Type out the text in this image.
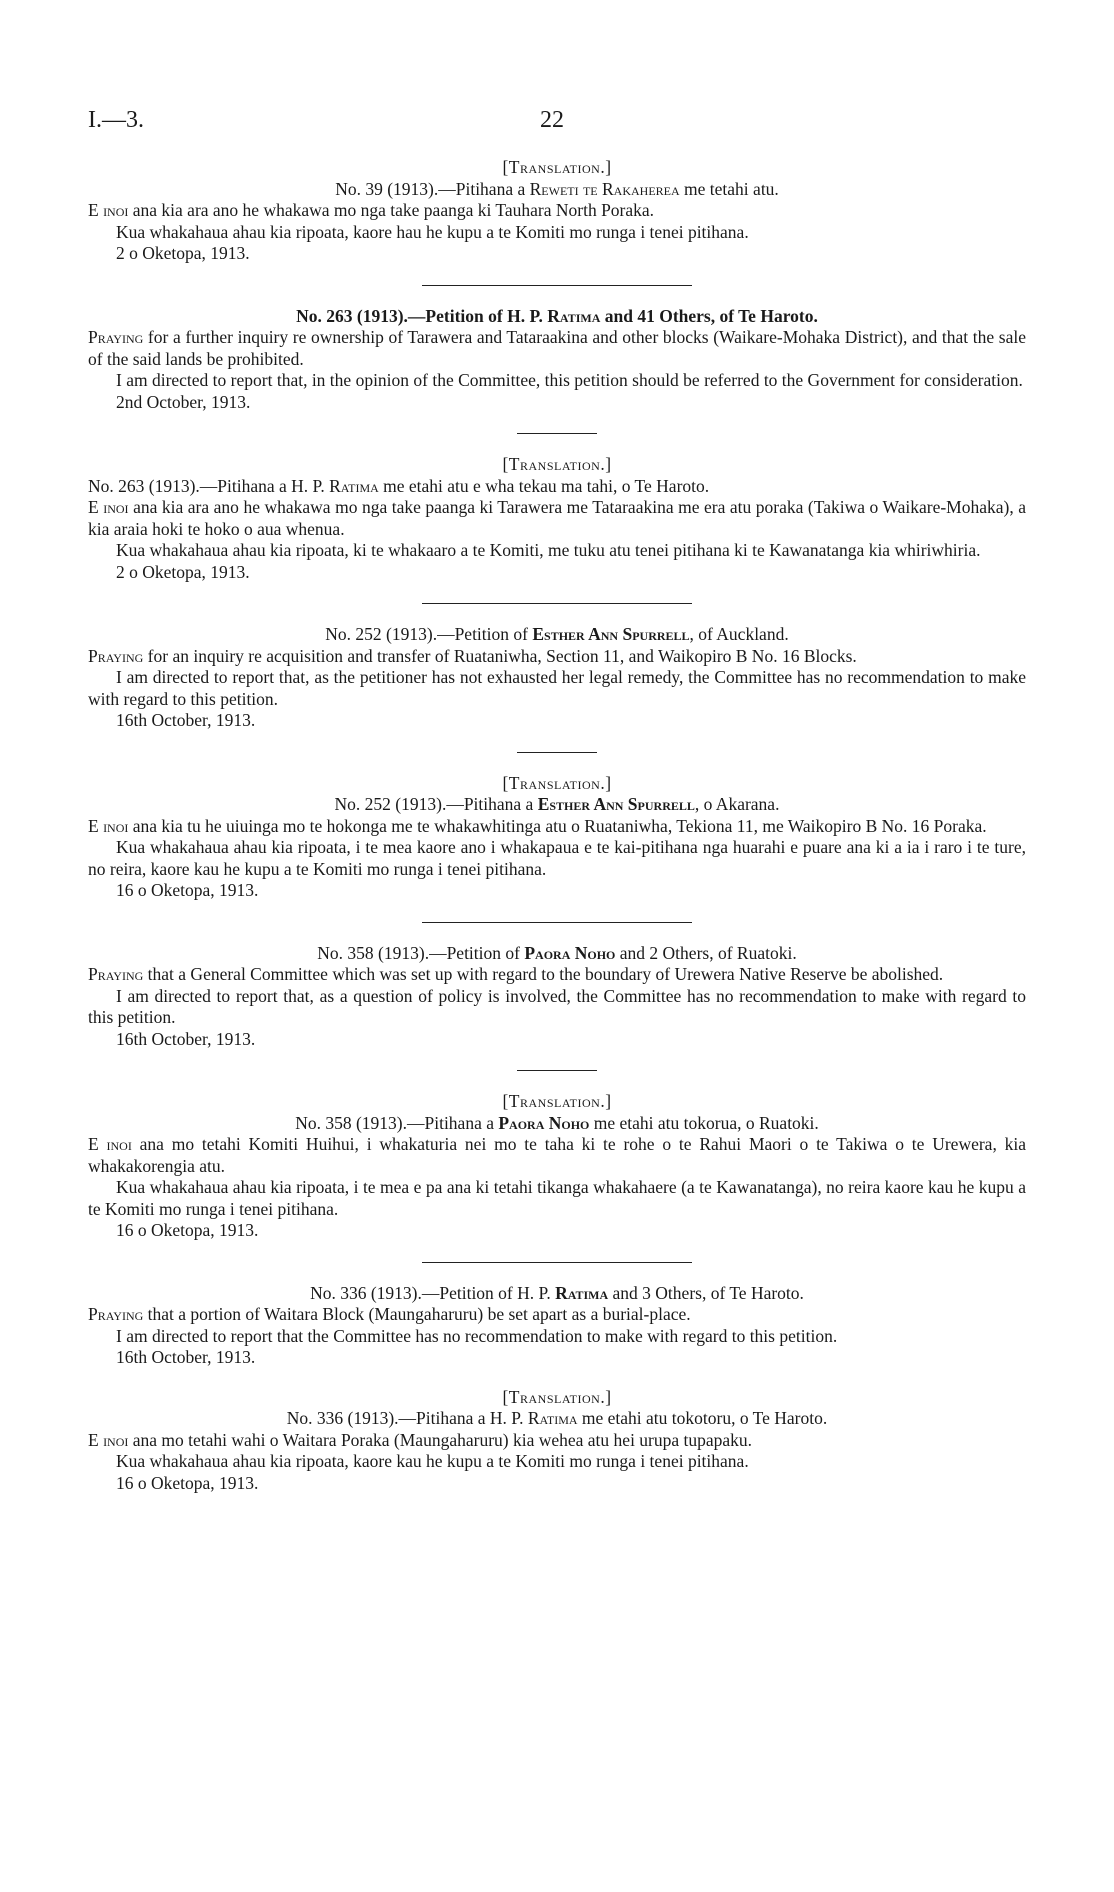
I.—3.	22
[Translation.]
No. 39 (1913).—Pitihana a Reweti te Rakaherea me tetahi atu.

E inoi ana kia ara ano he whakawa mo nga take paanga ki Tauhara North Poraka.

Kua whakahaua ahau kia ripoata, kaore hau he kupu a te Komiti mo runga i tenei pitihana.

2 o Oketopa, 1913.
No. 263 (1913).—Petition of H. P. Ratima and 41 Others, of Te Haroto.

Praying for a further inquiry re ownership of Tarawera and Tataraakina and other blocks (Waikare-Mohaka District), and that the sale of the said lands be prohibited.

I am directed to report that, in the opinion of the Committee, this petition should be referred to the Government for consideration.

2nd October, 1913.
[Translation.]
No. 263 (1913).—Pitihana a H. P. Ratima me etahi atu e wha tekau ma tahi, o Te Haroto.

E inoi ana kia ara ano he whakawa mo nga take paanga ki Tarawera me Tataraakina me era atu poraka (Takiwa o Waikare-Mohaka), a kia araia hoki te hoko o aua whenua.

Kua whakahaua ahau kia ripoata, ki te whakaaro a te Komiti, me tuku atu tenei pitihana ki te Kawanatanga kia whiriwhiria.

2 o Oketopa, 1913.
No. 252 (1913).—Petition of Esther Ann Spurrell, of Auckland.

Praying for an inquiry re acquisition and transfer of Ruataniwha, Section 11, and Waikopiro B No. 16 Blocks.

I am directed to report that, as the petitioner has not exhausted her legal remedy, the Committee has no recommendation to make with regard to this petition.

16th October, 1913.
[Translation.]
No. 252 (1913).—Pitihana a Esther Ann Spurrell, o Akarana.

E inoi ana kia tu he uiuinga mo te hokonga me te whakawhitinga atu o Ruataniwha, Tekiona 11, me Waikopiro B No. 16 Poraka.

Kua whakahaua ahau kia ripoata, i te mea kaore ano i whakapaua e te kai-pitihana nga huarahi e puare ana ki a ia i raro i te ture, no reira, kaore kau he kupu a te Komiti mo runga i tenei pitihana.

16 o Oketopa, 1913.
No. 358 (1913).—Petition of Paora Noho and 2 Others, of Ruatoki.

Praying that a General Committee which was set up with regard to the boundary of Urewera Native Reserve be abolished.

I am directed to report that, as a question of policy is involved, the Committee has no recommendation to make with regard to this petition.

16th October, 1913.
[Translation.]
No. 358 (1913).—Pitihana a Paora Noho me etahi atu tokorua, o Ruatoki.

E inoi ana mo tetahi Komiti Huihui, i whakaturia nei mo te taha ki te rohe o te Rahui Maori o te Takiwa o te Urewera, kia whakakorengia atu.

Kua whakahaua ahau kia ripoata, i te mea e pa ana ki tetahi tikanga whakahaere (a te Kawanatanga), no reira kaore kau he kupu a te Komiti mo runga i tenei pitihana.

16 o Oketopa, 1913.
No. 336 (1913).—Petition of H. P. Ratima and 3 Others, of Te Haroto.

Praying that a portion of Waitara Block (Maungaharuru) be set apart as a burial-place.

I am directed to report that the Committee has no recommendation to make with regard to this petition.

16th October, 1913.
[Translation.]
No. 336 (1913).—Pitihana a H. P. Ratima me etahi atu tokotoru, o Te Haroto.

E inoi ana mo tetahi wahi o Waitara Poraka (Maungaharuru) kia wehea atu hei urupa tupapaku.

Kua whakahaua ahau kia ripoata, kaore kau he kupu a te Komiti mo runga i tenei pitihana.

16 o Oketopa, 1913.
